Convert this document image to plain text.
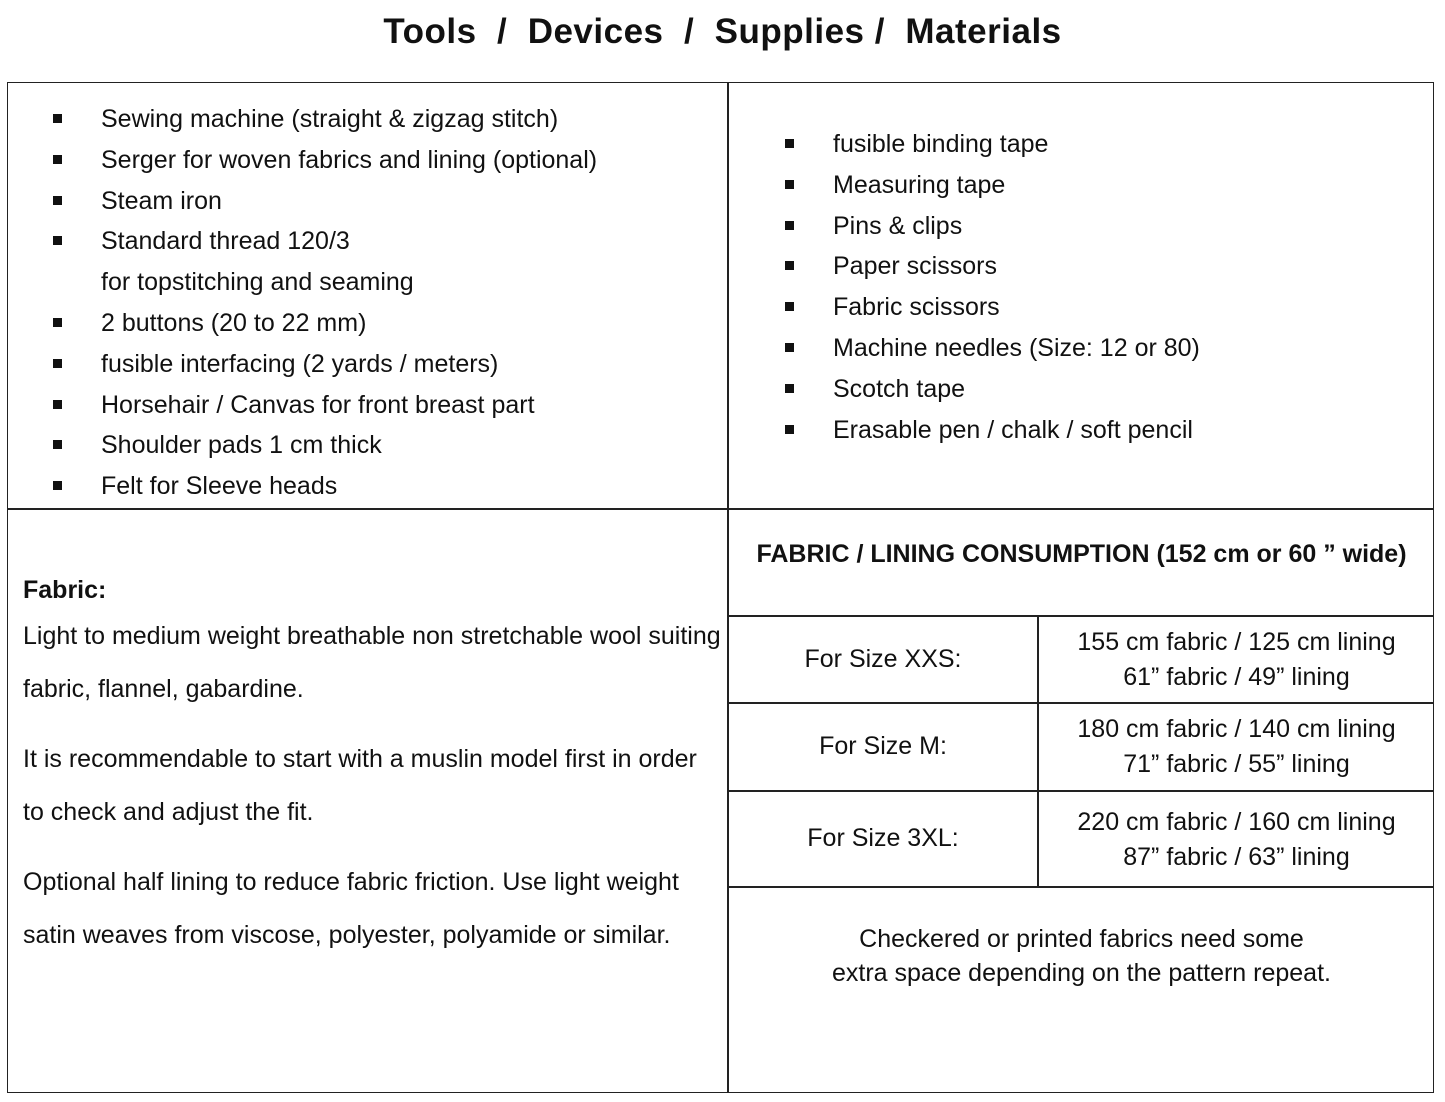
Tools  /  Devices  /  Supplies /  Materials
Sewing machine (straight & zigzag stitch)
Serger for woven fabrics and lining (optional)
Steam iron
Standard thread 120/3
for topstitching and seaming
2 buttons (20 to 22 mm)
fusible interfacing (2 yards / meters)
Horsehair / Canvas for front breast part
Shoulder pads 1 cm thick
Felt for Sleeve heads
fusible binding tape
Measuring tape
Pins & clips
Paper scissors
Fabric scissors
Machine needles (Size: 12 or 80)
Scotch tape
Erasable pen / chalk / soft pencil
Fabric:

Light to medium weight breathable non stretchable wool suiting fabric, flannel, gabardine.

It is recommendable to start with a muslin model first in order to check and adjust the fit.

Optional half lining to reduce fabric friction. Use light weight satin weaves from viscose, polyester, polyamide or similar.

FABRIC / LINING CONSUMPTION (152 cm or 60 ” wide)
For Size XXS:
155 cm fabric / 125 cm lining
61” fabric / 49” lining
For Size M:
180 cm fabric / 140 cm lining
71” fabric / 55” lining
For Size 3XL:
220 cm fabric / 160 cm lining
87” fabric / 63” lining
Checkered or printed fabrics need some
extra space depending on the pattern repeat.
